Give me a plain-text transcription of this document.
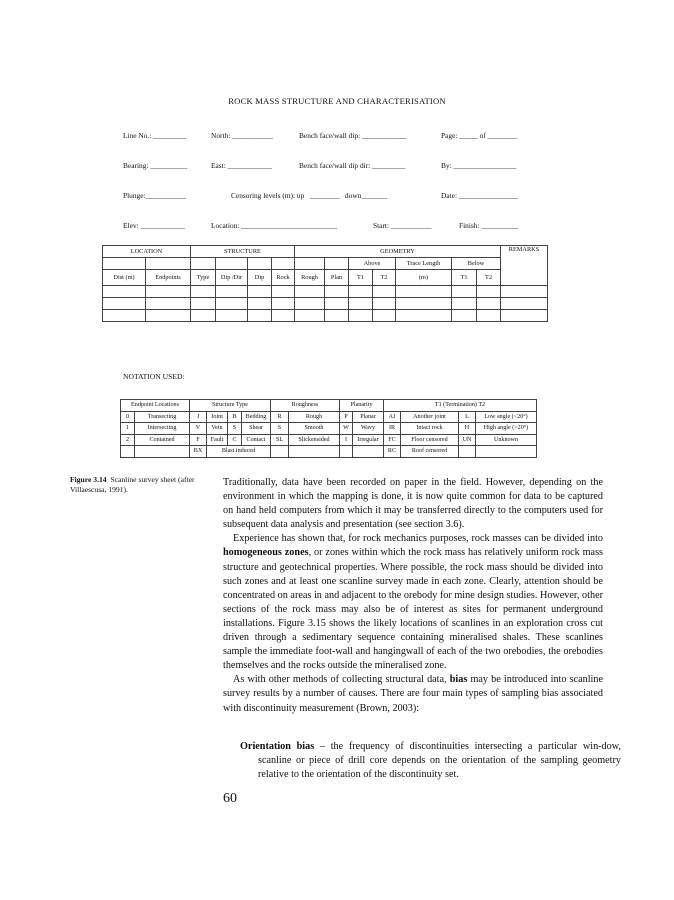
ROCK MASS STRUCTURE AND CHARACTERISATION
Line No.: _________	North: ___________	Bench face/wall dip: ____________	Page: _____ of ________
Bearing: __________	East: ____________	Bench face/wall dip dir: _________	By: _________________
Plunge:___________	Censoring levels (m): up   ________   down_______	Date: ________________
Elev: ____________	Location: __________________________	Start: ___________	Finish: __________
LOCATION		STRUCTURE				GEOMETRY							REMARKS
								Above		Trace Length	Below		
Dist (m)	Endpoints	Type	Dip /Dir	Dip	Rock	Rough	Plan	T1	T2	(m)	T1	T2	

NOTATION USED:
Endpoint Locations		Structure Type				Roughness		Planarity		T1 (Termination) T2			
0	Transecting	J	Joint	B	Bedding	R	Rough	P	Planar	AJ	Another joint	L	Low angle (<20°)
1	Intersecting	V	Vein	S	Shear	S	Smooth	W	Wavy	IR	Intact rock	H	High angle (>20°)
2	Contained	F	Fault	C	Contact	SL	Slickensided	I	Irregular	FC	Floor censored	UN	Unknown
		BX	Blast induced							RC	Roof censored		
Figure 3.14 Scanline survey sheet (after Villaescusa, 1991).

Traditionally, data have been recorded on paper in the field. However, depending on the environment in which the mapping is done, it is now quite common for data to be captured on hand held computers from which it may be transferred directly to the computers used for subsequent data analysis and presentation (see section 3.6).

Experience has shown that, for rock mechanics purposes, rock masses can be divided into homogeneous zones, or zones within which the rock mass has relatively uniform rock mass structure and geotechnical properties. Where possible, the rock mass should be divided into such zones and at least one scanline survey made in each zone. Clearly, attention should be concentrated on areas in and adjacent to the orebody for mine design studies. However, other sections of the rock mass may also be of interest as sites for permanent underground installations. Figure 3.15 shows the likely locations of scanlines in an exploration cross cut driven through a sedimentary sequence containing mineralised shales. These scanlines sample the immediate foot-wall and hangingwall of each of the two orebodies, the orebodies themselves and the rocks outside the mineralised zone.

As with other methods of collecting structural data, bias may be introduced into scanline survey results by a number of causes. There are four main types of sampling bias associated with discontinuity measurement (Brown, 2003):

Orientation bias – the frequency of discontinuities intersecting a particular win-dow, scanline or piece of drill core depends on the orientation of the sampling geometry relative to the orientation of the discontinuity set.
60
